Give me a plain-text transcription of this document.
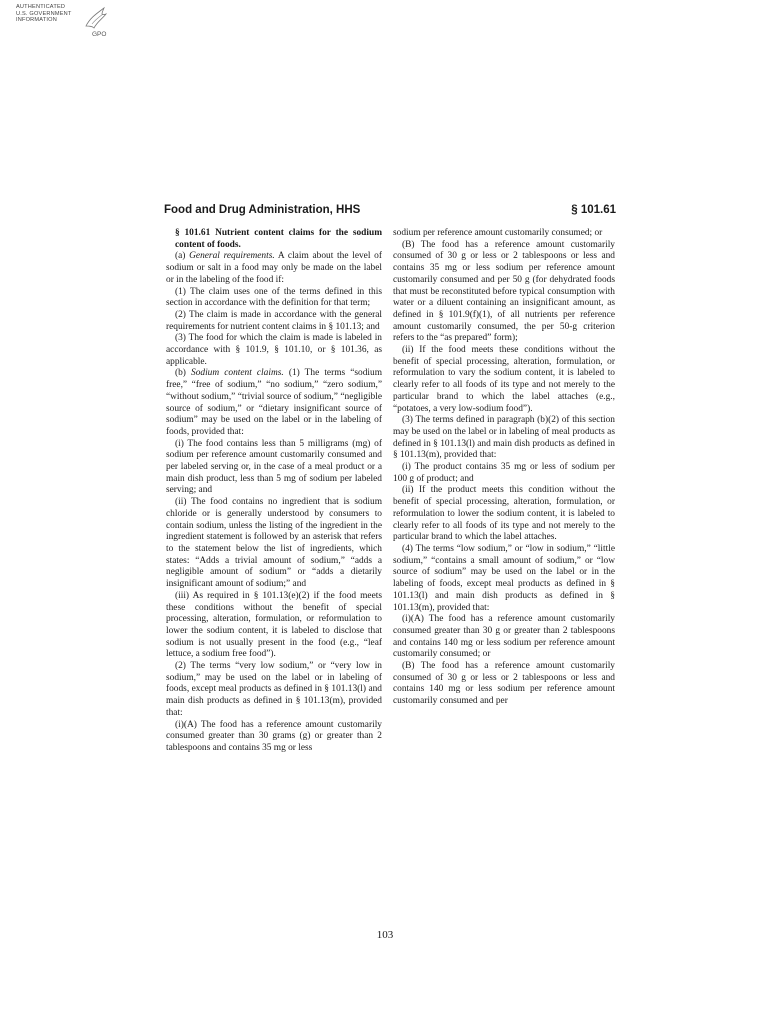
AUTHENTICATED
U.S. GOVERNMENT
INFORMATION
GPO
Food and Drug Administration, HHS	§ 101.61

§ 101.61 Nutrient content claims for the sodium content of foods.

(a) General requirements. A claim about the level of sodium or salt in a food may only be made on the label or in the labeling of the food if:

(1) The claim uses one of the terms defined in this section in accordance with the definition for that term;

(2) The claim is made in accordance with the general requirements for nutrient content claims in § 101.13; and

(3) The food for which the claim is made is labeled in accordance with § 101.9, § 101.10, or § 101.36, as applicable.

(b) Sodium content claims. (1) The terms “sodium free,” “free of sodium,” “no sodium,” “zero sodium,” “without sodium,” “trivial source of sodium,” “negligible source of sodium,” or “dietary insignificant source of sodium” may be used on the label or in the labeling of foods, provided that:

(i) The food contains less than 5 milligrams (mg) of sodium per reference amount customarily consumed and per labeled serving or, in the case of a meal product or a main dish product, less than 5 mg of sodium per labeled serving; and

(ii) The food contains no ingredient that is sodium chloride or is generally understood by consumers to contain sodium, unless the listing of the ingredient in the ingredient statement is followed by an asterisk that refers to the statement below the list of ingredients, which states: “Adds a trivial amount of sodium,” “adds a negligible amount of sodium” or “adds a dietarily insignificant amount of sodium;” and

(iii) As required in § 101.13(e)(2) if the food meets these conditions without the benefit of special processing, alteration, formulation, or reformulation to lower the sodium content, it is labeled to disclose that sodium is not usually present in the food (e.g., “leaf lettuce, a sodium free food”).

(2) The terms “very low sodium,” or “very low in sodium,” may be used on the label or in labeling of foods, except meal products as defined in § 101.13(l) and main dish products as defined in § 101.13(m), provided that:

(i)(A) The food has a reference amount customarily consumed greater than 30 grams (g) or greater than 2 tablespoons and contains 35 mg or less

sodium per reference amount customarily consumed; or

(B) The food has a reference amount customarily consumed of 30 g or less or 2 tablespoons or less and contains 35 mg or less sodium per reference amount customarily consumed and per 50 g (for dehydrated foods that must be reconstituted before typical consumption with water or a diluent containing an insignificant amount, as defined in § 101.9(f)(1), of all nutrients per reference amount customarily consumed, the per 50-g criterion refers to the “as prepared” form);

(ii) If the food meets these conditions without the benefit of special processing, alteration, formulation, or reformulation to vary the sodium content, it is labeled to clearly refer to all foods of its type and not merely to the particular brand to which the label attaches (e.g., “potatoes, a very low-sodium food”).

(3) The terms defined in paragraph (b)(2) of this section may be used on the label or in labeling of meal products as defined in § 101.13(l) and main dish products as defined in § 101.13(m), provided that:

(i) The product contains 35 mg or less of sodium per 100 g of product; and

(ii) If the product meets this condition without the benefit of special processing, alteration, formulation, or reformulation to lower the sodium content, it is labeled to clearly refer to all foods of its type and not merely to the particular brand to which the label attaches.

(4) The terms “low sodium,” or “low in sodium,” “little sodium,” “contains a small amount of sodium,” or “low source of sodium” may be used on the label or in the labeling of foods, except meal products as defined in § 101.13(l) and main dish products as defined in § 101.13(m), provided that:

(i)(A) The food has a reference amount customarily consumed greater than 30 g or greater than 2 tablespoons and contains 140 mg or less sodium per reference amount customarily consumed; or

(B) The food has a reference amount customarily consumed of 30 g or less or 2 tablespoons or less and contains 140 mg or less sodium per reference amount customarily consumed and per

103
